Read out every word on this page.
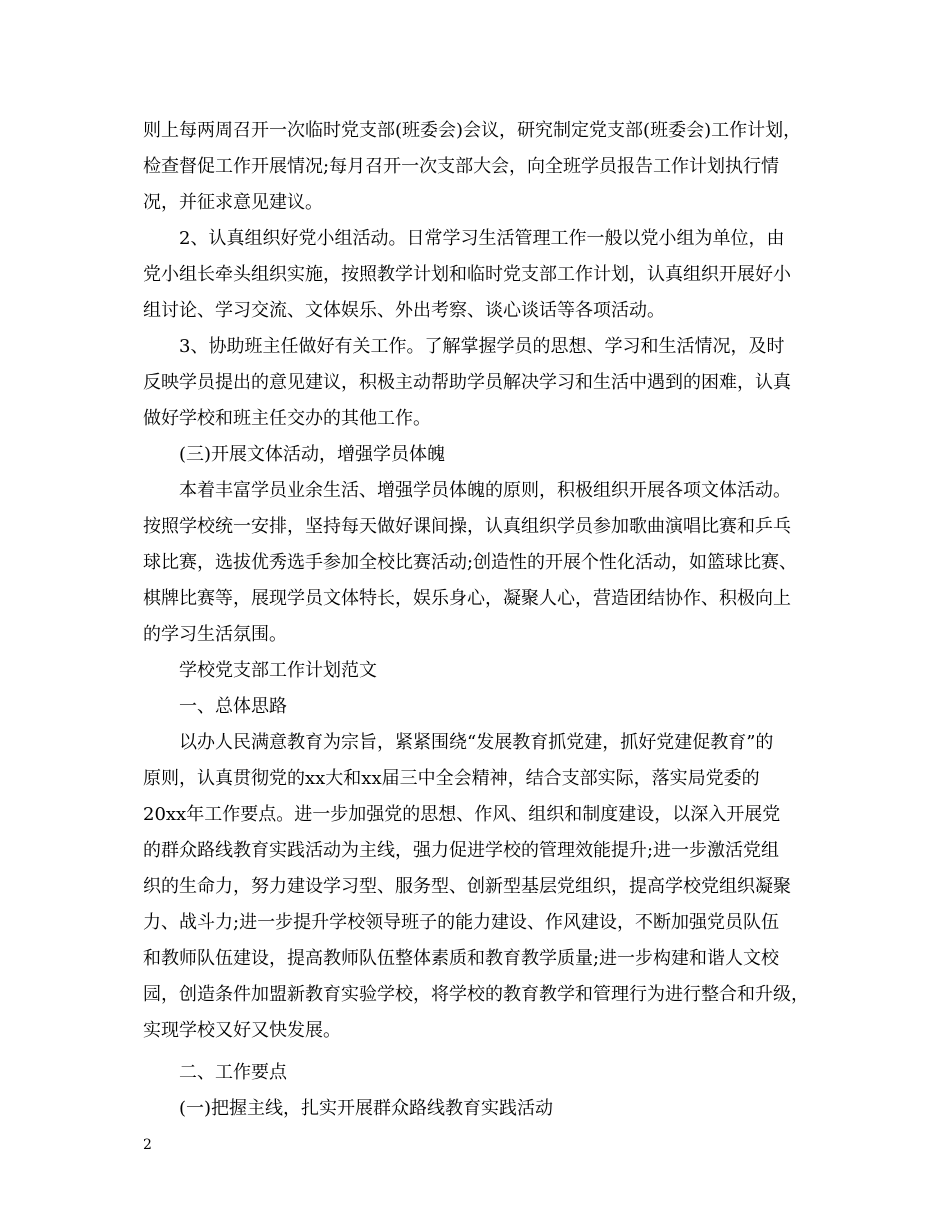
则上每两周召开一次临时党支部(班委会)会议，研究制定党支部(班委会)工作计划，
检查督促工作开展情况;每月召开一次支部大会，向全班学员报告工作计划执行情
况，并征求意见建议。
2、认真组织好党小组活动。日常学习生活管理工作一般以党小组为单位，由
党小组长牵头组织实施，按照教学计划和临时党支部工作计划，认真组织开展好小
组讨论、学习交流、文体娱乐、外出考察、谈心谈话等各项活动。
3、协助班主任做好有关工作。了解掌握学员的思想、学习和生活情况，及时
反映学员提出的意见建议，积极主动帮助学员解决学习和生活中遇到的困难，认真
做好学校和班主任交办的其他工作。
(三)开展文体活动，增强学员体魄
本着丰富学员业余生活、增强学员体魄的原则，积极组织开展各项文体活动。
按照学校统一安排，坚持每天做好课间操，认真组织学员参加歌曲演唱比赛和乒乓
球比赛，选拔优秀选手参加全校比赛活动;创造性的开展个性化活动，如篮球比赛、
棋牌比赛等，展现学员文体特长，娱乐身心，凝聚人心，营造团结协作、积极向上
的学习生活氛围。
学校党支部工作计划范文
一、总体思路
以办人民满意教育为宗旨，紧紧围绕“发展教育抓党建，抓好党建促教育”的
原则，认真贯彻党的xx大和xx届三中全会精神，结合支部实际，落实局党委的
20xx年工作要点。进一步加强党的思想、作风、组织和制度建设，以深入开展党
的群众路线教育实践活动为主线，强力促进学校的管理效能提升;进一步激活党组
织的生命力，努力建设学习型、服务型、创新型基层党组织，提高学校党组织凝聚
力、战斗力;进一步提升学校领导班子的能力建设、作风建设，不断加强党员队伍
和教师队伍建设，提高教师队伍整体素质和教育教学质量;进一步构建和谐人文校
园，创造条件加盟新教育实验学校，将学校的教育教学和管理行为进行整合和升级，
实现学校又好又快发展。
二、工作要点
(一)把握主线，扎实开展群众路线教育实践活动
2
